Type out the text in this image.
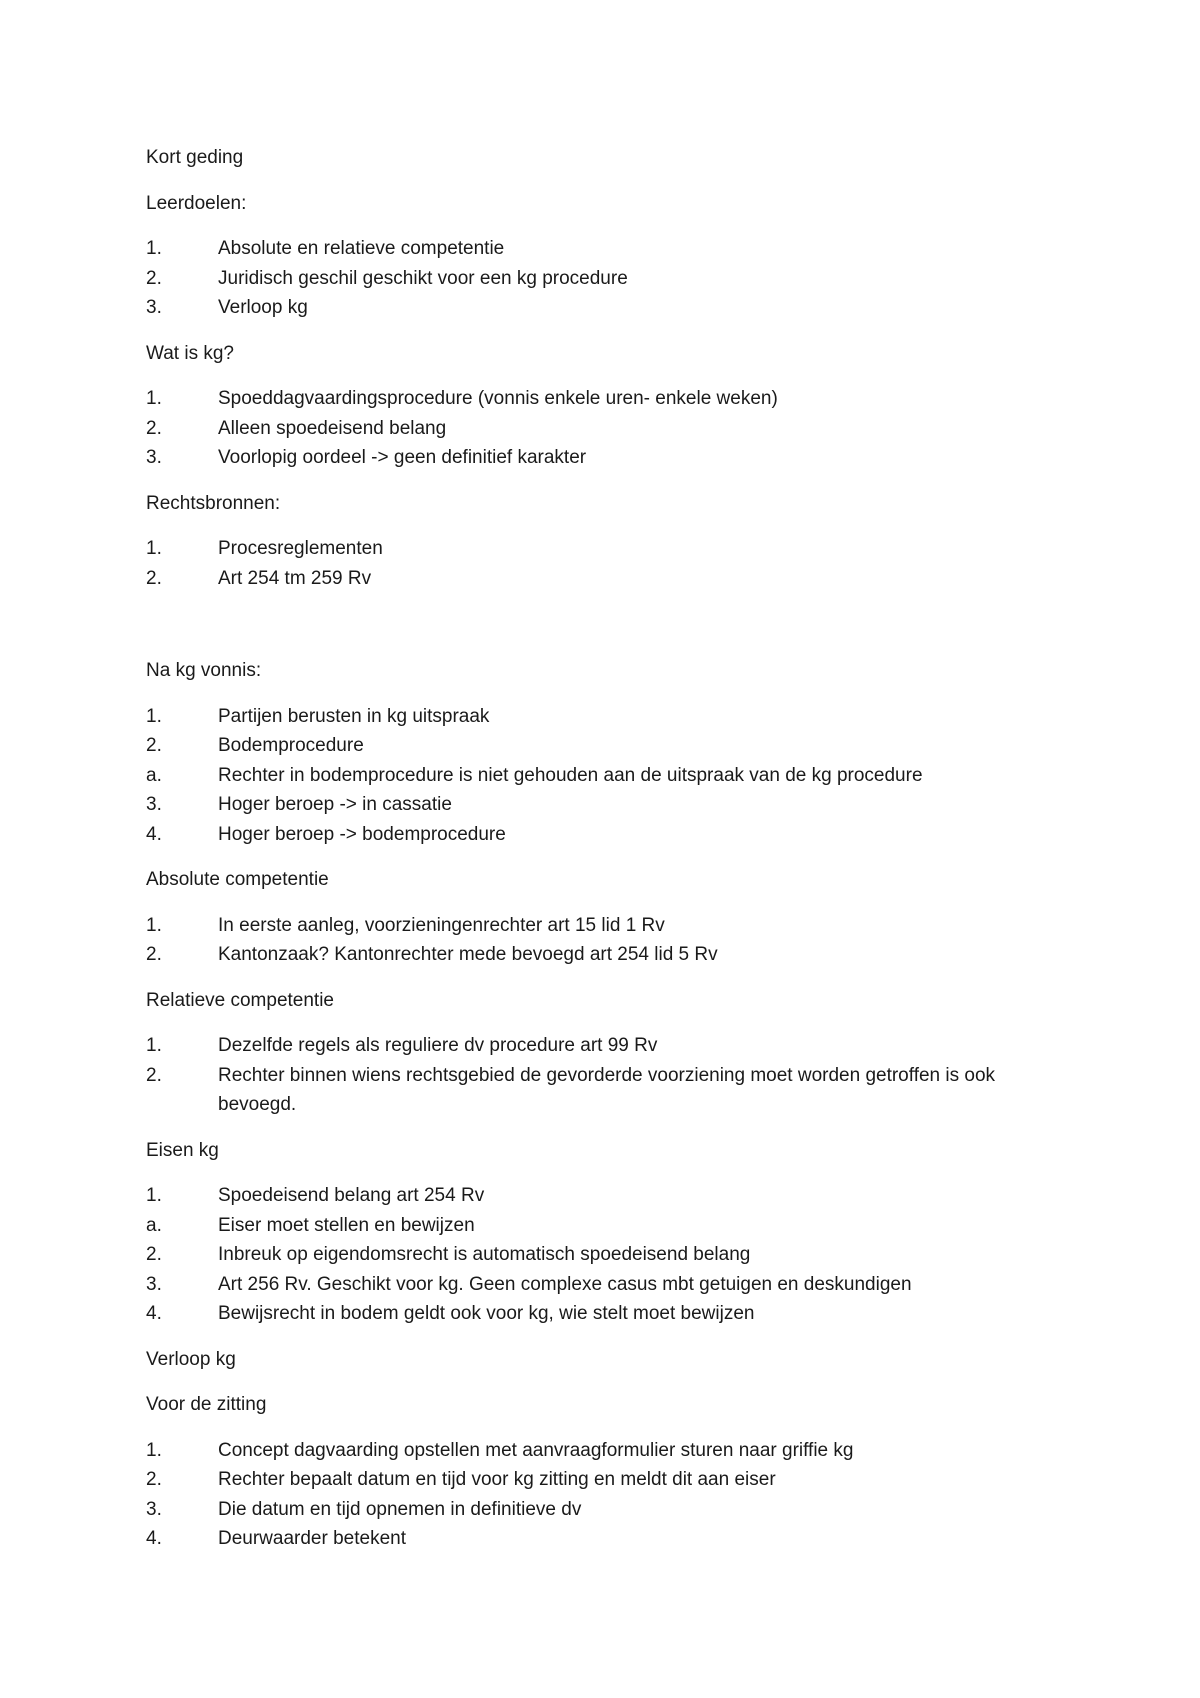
Kort geding

Leerdoelen:

1.	Absolute en relatieve competentie
2.	Juridisch geschil geschikt voor een kg procedure
3.	Verloop kg

Wat is kg?

1.	Spoeddagvaardingsprocedure (vonnis enkele uren- enkele weken)
2.	Alleen spoedeisend belang
3.	Voorlopig oordeel -> geen definitief karakter

Rechtsbronnen:

1.	Procesreglementen
2.	Art 254 tm 259 Rv

Na kg vonnis:

1.	Partijen berusten in kg uitspraak
2.	Bodemprocedure
a.	Rechter in bodemprocedure is niet gehouden aan de uitspraak van de kg procedure
3.	Hoger beroep -> in cassatie
4.	Hoger beroep -> bodemprocedure

Absolute competentie

1.	In eerste aanleg, voorzieningenrechter art 15 lid 1 Rv
2.	Kantonzaak? Kantonrechter mede bevoegd art 254 lid 5 Rv

Relatieve competentie

1.	Dezelfde regels als reguliere dv procedure art 99 Rv
2.	Rechter binnen wiens rechtsgebied de gevorderde voorziening moet worden getroffen is ook bevoegd.

Eisen kg

1.	Spoedeisend belang art 254 Rv
a.	Eiser moet stellen en bewijzen
2.	Inbreuk op eigendomsrecht is automatisch spoedeisend belang
3.	Art 256 Rv. Geschikt voor kg. Geen complexe casus mbt getuigen en deskundigen
4.	Bewijsrecht in bodem geldt ook voor kg, wie stelt moet bewijzen

Verloop kg

Voor de zitting

1.	Concept dagvaarding opstellen met aanvraagformulier sturen naar griffie kg
2.	Rechter bepaalt datum en tijd voor kg zitting en meldt dit aan eiser
3.	Die datum en tijd opnemen in definitieve dv
4.	Deurwaarder betekent
